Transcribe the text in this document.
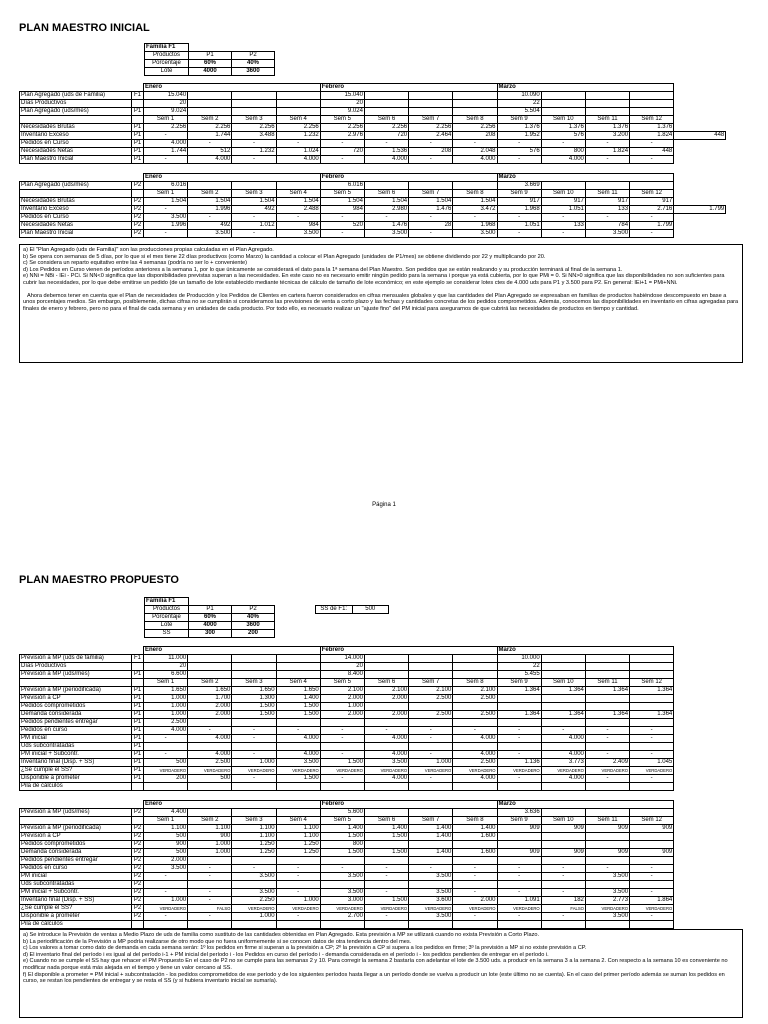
PLAN MAESTRO INICIAL
Familia F1		
Productos	P1	P2
Porcentaje	60%	40%
Lote	4000	3600
		Enero				Febrero				Marzo				
Plan Agregado (uds de Familia)	F1	15.040				15.040				10.090				
Días Productivos		20				20				22				
Plan Agregado (uds/mes)	P1	9.024				9.024				5.504				
		Sem 1	Sem 2	Sem 3	Sem 4	Sem 5	Sem 6	Sem 7	Sem 8	Sem 9	Sem 10	Sem 11	Sem 12	
Necesidades Brutas	P1	2.256	2.256	2.256	2.256	2.256	2.256	2.256	2.256	1.376	1.376	1.376	1.376	
Inventario Exceso	P1	-	1.744	3.488	1.232	2.976	720	2.464	208	1.952	576	3.200	1.824	448
Pedidos en Curso	P1	4.000	-	-	-	-	-	-	-	-	-	-	-	
Necesidades Netas	P1	1.744	512	1.232	1.024	720	1.536	208	2.048	576	800	1.824	448	
Plan Maestro Inicial	P1	-	4.000	-	4.000	-	4.000	-	4.000	-	4.000	-	-	
		Enero				Febrero				Marzo				
Plan Agregado (uds/mes)	P2	6.016				6.016				3.669				
		Sem 1	Sem 2	Sem 3	Sem 4	Sem 5	Sem 6	Sem 7	Sem 8	Sem 9	Sem 10	Sem 11	Sem 12	
Necesidades Brutas	P2	1.504	1.504	1.504	1.504	1.504	1.504	1.504	1.504	917	917	917	917	
Inventario Exceso	P2	-	1.996	492	2.488	984	2.980	1.476	3.472	1.968	1.051	133	2.716	1.799
Pedidos en Curso	P2	3.500	-	-	-	-	-	-	-	-	-	-	-	
Necesidades Netas	P2	1.996	492	1.012	984	520	1.476	28	1.968	1.051	133	784	1.799	
Plan Maestro Inicial	P2	-	3.500	-	3.500	-	3.500	-	3.500	-	-	3.500	-	

a) El "Plan Agregado (uds de Familia)" son las producciones propias calculadas en el Plan Agregado.

b) Se opera con semanas de 5 días, por lo que si el mes tiene 22 días productivos (como Marzo) la cantidad a colocar el Plan Agregado (unidades de P1/mes) se obtiene dividiendo por 22 y multiplicando por 20.

c) Se considera un reparto equitativo entre las 4 semanas (podría no ser lo + conveniente)

d) Los Pedidos en Curso vienen de períodos anteriores a la semana 1, por lo que únicamente se considerará el dato para la 1ª semana del Plan Maestro. Son pedidos que se están realizando y su producción terminará al final de la semana 1.

e) NNi = NBi - IEi - PCi. Si NN<0 significa que las disponibilidades previstas superan a las necesidades. En este caso no es necesario emitir ningún pedido para la semana i porque ya está cubierta, por lo que PMi = 0. Si NN>0 significa que las disponibilidades no son suficientes para cubrir las necesidades, por lo que debe emitirse un pedido (de un tamaño de lote establecido mediante técnicas de cálculo de tamaño de lote económico; en este ejemplo se considerar lotes ctes de 4.000 uds para P1 y 3.500 para P2. En general: IEi+1 = PMi+NNi.

Ahora debemos tener en cuenta que el Plan de necesidades de Producción y los Pedidos de Clientes en cartera fueron considerados en cifras mensuales globales y que las cantidades del Plan Agregado se expresaban en familias de productos habiéndose descompuesto en base a unos porcentajes medios. Sin embargo, posiblemente, dichas cifras no se cumplirán si consideramos las previsiones de venta a corto plazo y las fechas y cantidades concretas de los pedidos comprometidos. Además, conocemos las disponibilidades en inventario en cifras agregadas para finales de enero y febrero, pero no para el final de cada semana y en unidades de cada producto. Por todo ello, es necesario realizar un "ajuste fino" del PM inicial para asegurarnos de que cubrirá las necesidades de productos en tiempo y cantidad.

Página 1
PLAN MAESTRO PROPUESTO
Familia F1		
Productos	P1	P2
Porcentaje	60%	40%
Lote	4000	3600
SS	300	200
SS de F1:	500
		Enero				Febrero				Marzo			
Previsión a MP (uds de familia)	F1	11.000				14.000				10.000			
Días Productivos		20				20				22			
Previsión a MP (uds/mes)	P1	6.600				8.400				5.455			
		Sem 1	Sem 2	Sem 3	Sem 4	Sem 5	Sem 6	Sem 7	Sem 8	Sem 9	Sem 10	Sem 11	Sem 12
Previsión a MP (periodificada)	P1	1.650	1.650	1.650	1.650	2.100	2.100	2.100	2.100	1.364	1.364	1.364	1.364
Previsión a CP	P1	1.000	1.700	1.300	1.400	2.000	2.000	2.500	2.500				
Pedidos comprometidos	P1	1.000	2.000	1.500	1.500	1.000							
Demanda considerada	P1	1.000	2.000	1.500	1.500	2.000	2.000	2.500	2.500	1.364	1.364	1.364	1.364
Pedidos pendientes entregar	P1	2.500											
Pedidos en curso	P1	4.000	-	-	-	-	-	-	-	-	-	-	-
PM inicial	P1	-	4.000	-	4.000	-	4.000	-	4.000	-	4.000	-	-
Uds subcontratadas	P1												
PM inicial + Subcontr.	P1	-	4.000	-	4.000	-	4.000	-	4.000	-	4.000	-	-
Inventario final (Disp. + SS)	P1	500	2.500	1.000	3.500	1.500	3.500	1.000	2.500	1.136	3.773	2.409	1.045
¿Se cumple el SS?	P1	VERDADERO	VERDADERO	VERDADERO	VERDADERO	VERDADERO	VERDADERO	VERDADERO	VERDADERO	VERDADERO	VERDADERO	VERDADERO	VERDADERO
Disponible a prometer	P1	200	500	-	1.500	-	4.000	-	4.000	-	4.000	-	-
Pila de cálculos													
		Enero				Febrero				Marzo			
Previsión a MP (uds/mes)	P2	4.400				5.600				3.636			
		Sem 1	Sem 2	Sem 3	Sem 4	Sem 5	Sem 6	Sem 7	Sem 8	Sem 9	Sem 10	Sem 11	Sem 12
Previsión a MP (periodificada)	P2	1.100	1.100	1.100	1.100	1.400	1.400	1.400	1.400	909	909	909	909
Previsión a CP	P2	500	900	1.100	1.100	1.500	1.500	1.400	1.600				
Pedidos comprometidos	P2	900	1.000	1.250	1.250	800							
Demanda considerada	P2	500	1.000	1.250	1.250	1.500	1.500	1.400	1.600	909	909	909	909
Pedidos pendientes entregar	P2	2.000											
Pedidos en curso	P2	3.500	-	-	-	-	-	-	-	-	-	-	-
PM inicial	P2	-	-	3.500	-	3.500	-	3.500	-	-	-	3.500	-
Uds subcontratadas	P2												
PM inicial + Subcontr.	P2	-	-	3.500	-	3.500	-	3.500	-	-	-	3.500	-
Inventario final (Disp. + SS)	P2	1.000	-	2.250	1.000	3.000	1.500	3.600	2.000	1.091	182	2.773	1.864
¿Se cumple el SS?	P2	VERDADERO	FALSO	VERDADERO	VERDADERO	VERDADERO	VERDADERO	VERDADERO	VERDADERO	VERDADERO	FALSO	VERDADERO	VERDADERO
Disponible a prometer	P2	-	-	1.000	-	2.700	-	3.500	-	-	-	3.500	-
Pila de cálculos													

a) Se introduce la Previsión de ventas a Medio Plazo de uds de familia como sustituto de las cantidades obtenidas en Plan Agregado. Esta previsión a MP se utilizará cuando no exista Previsión a Corto Plazo.

b) La periodificación de la Previsión a MP podría realizarse de otro modo que no fuera uniformemente si se conocen datos de otra tendencia dentro del mes.

c) Los valores a tomar como dato de demanda en cada semana serán: 1º los pedidos en firme si superan a la previsión a CP; 2º la previsión a CP si supera a los pedidos en firme; 3º la previsión a MP si no existe previsión a CP.

d) El inventario final del período i es igual al del período i-1 + PM inicial del período i - los Pedidos en curso del período i - demanda considerada en el período i - los pedidos pendientes de entregar en el período i.

e) Cuando no se cumple el SS hay que rehacer el PM Propuesto En el caso de P2 no se cumple para las semanas 2 y 10. Para corregir la semana 2 bastaría con adelantar el lote de 3.500 uds. a producir en la semana 3 a la semana 2. Con respecto a la semana 10 es conveniente no modificar nada porque está más alejada en el tiempo y tiene un valor cercano al SS.

f) El disponible a prometer = PM inicial + subcontratación - los pedidos comprometidos de ese período y de los siguientes períodos hasta llegar a un período donde se vuelva a producir un lote (este último no se cuenta). En el caso del primer período además se suman los pedidos en curso, se restan los pendientes de entregar y se resta el SS (y si hubiera inventario inicial se sumaría).
